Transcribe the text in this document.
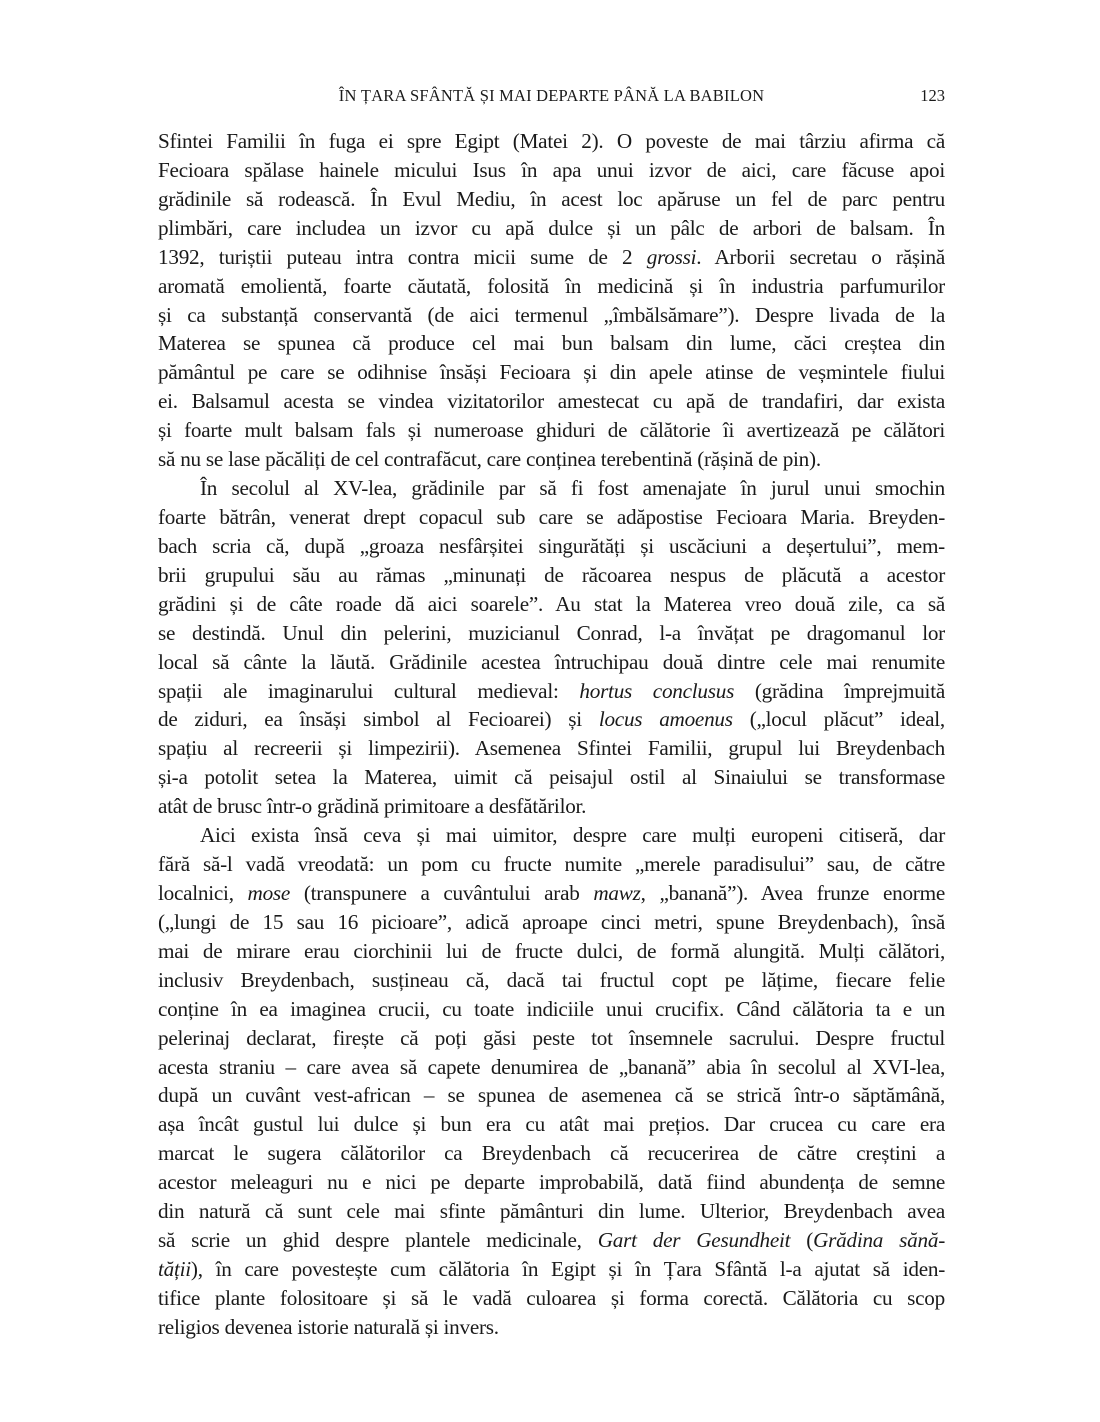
ÎN ȚARA SFÂNTĂ ȘI MAI DEPARTE PÂNĂ LA BABILON	123
Sfintei Familii în fuga ei spre Egipt (Matei 2). O poveste de mai târziu afirma că
Fecioara spălase hainele micului Isus în apa unui izvor de aici, care făcuse apoi
grădinile să rodească. În Evul Mediu, în acest loc apăruse un fel de parc pentru
plimbări, care includea un izvor cu apă dulce și un pâlc de arbori de balsam. În
1392, turiștii puteau intra contra micii sume de 2 grossi. Arborii secretau o rășină
aromată emolientă, foarte căutată, folosită în medicină și în industria parfumurilor
și ca substanță conservantă (de aici termenul „îmbălsămare”). Despre livada de la
Materea se spunea că produce cel mai bun balsam din lume, căci creștea din
pământul pe care se odihnise însăși Fecioara și din apele atinse de veșmintele fiului
ei. Balsamul acesta se vindea vizitatorilor amestecat cu apă de trandafiri, dar exista
și foarte mult balsam fals și numeroase ghiduri de călătorie îi avertizează pe călători
să nu se lase păcăliți de cel contrafăcut, care conținea terebentină (rășină de pin).
În secolul al XV-lea, grădinile par să fi fost amenajate în jurul unui smochin
foarte bătrân, venerat drept copacul sub care se adăpostise Fecioara Maria. Breyden-
bach scria că, după „groaza nesfârșitei singurătăți și uscăciuni a deșertului”, mem-
brii grupului său au rămas „minunați de răcoarea nespus de plăcută a acestor
grădini și de câte roade dă aici soarele”. Au stat la Materea vreo două zile, ca să
se destindă. Unul din pelerini, muzicianul Conrad, l-a învățat pe dragomanul lor
local să cânte la lăută. Grădinile acestea întruchipau două dintre cele mai renumite
spații ale imaginarului cultural medieval: hortus conclusus (grădina împrejmuită
de ziduri, ea însăși simbol al Fecioarei) și locus amoenus („locul plăcut” ideal,
spațiu al recreerii și limpezirii). Asemenea Sfintei Familii, grupul lui Breydenbach
și-a potolit setea la Materea, uimit că peisajul ostil al Sinaiului se transformase
atât de brusc într-o grădină primitoare a desfătărilor.
Aici exista însă ceva și mai uimitor, despre care mulți europeni citiseră, dar
fără să-l vadă vreodată: un pom cu fructe numite „merele paradisului” sau, de către
localnici, mose (transpunere a cuvântului arab mawz, „banană”). Avea frunze enorme
(„lungi de 15 sau 16 picioare”, adică aproape cinci metri, spune Breydenbach), însă
mai de mirare erau ciorchinii lui de fructe dulci, de formă alungită. Mulți călători,
inclusiv Breydenbach, susțineau că, dacă tai fructul copt pe lățime, fiecare felie
conține în ea imaginea crucii, cu toate indiciile unui crucifix. Când călătoria ta e un
pelerinaj declarat, firește că poți găsi peste tot însemnele sacrului. Despre fructul
acesta straniu – care avea să capete denumirea de „banană” abia în secolul al XVI-lea,
după un cuvânt vest-african – se spunea de asemenea că se strică într-o săptămână,
așa încât gustul lui dulce și bun era cu atât mai prețios. Dar crucea cu care era
marcat le sugera călătorilor ca Breydenbach că recucerirea de către creștini a
acestor meleaguri nu e nici pe departe improbabilă, dată fiind abundența de semne
din natură că sunt cele mai sfinte pământuri din lume. Ulterior, Breydenbach avea
să scrie un ghid despre plantele medicinale, Gart der Gesundheit (Grădina sănă-
tății), în care povestește cum călătoria în Egipt și în Țara Sfântă l-a ajutat să iden-
tifice plante folositoare și să le vadă culoarea și forma corectă. Călătoria cu scop
religios devenea istorie naturală și invers.
